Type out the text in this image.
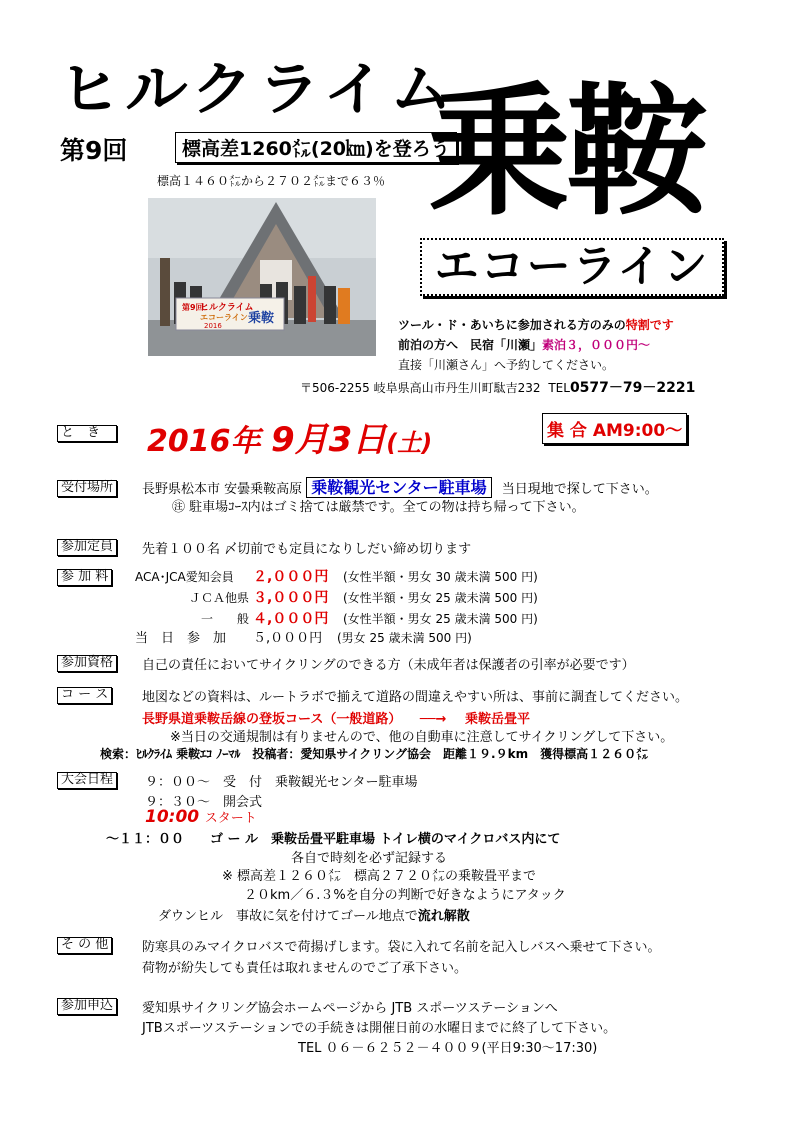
ヒルクライム
第9回	標高差1260㍍(20㎞)を登ろう
標高１４６０㍍から２７０２㍍まで６３％ 乗鞍
エコーライン
第9回
ヒルクライム
エコーライン
2016 乗鞍	ツール・ド・あいちに参加される方のみの特割です
前泊の方へ　民宿「川瀬」素泊３，０００円～
直接「川瀬さん」へ予約してください。
〒506-2255 岐阜県高山市丹生川町駄吉232 TEL0577－79－2221
と　き	2016年 9月3日(土)	集 合 AM9:00～
受付場所	長野県松本市 安曇乗鞍高原 乗鞍観光センター駐車場 当日現地で探して下さい。
㊟ 駐車場ｺｰｽ内はゴミ捨ては厳禁です。全ての物は持ち帰って下さい。
参加定員	先着１００名 〆切前でも定員になりしだい締め切ります
参 加 料	ACA･JCA愛知会員 ２,０００円 (女性半額・男女 30 歳未満 500 円)
ＪＣＡ他県 ３,０００円 (女性半額・男女 25 歳未満 500 円)
一　　般 ４,０００円 (女性半額・男女 25 歳未満 500 円)
当　日　参　加 ５,０００円 (男女 25 歳未満 500 円)
参加資格	自己の責任においてサイクリングのできる方（未成年者は保護者の引率が必要です）
コ ー ス	地図などの資料は、ルートラボで揃えて道路の間違えやすい所は、事前に調査してください。
長野県道乗鞍岳線の登坂コース（一般道路） ──→ 乗鞍岳畳平
※当日の交通規制は有りませんので、他の自動車に注意してサイクリングして下さい。
検索：ﾋﾙｸﾗｲﾑ 乗鞍ｴｺ ﾉｰﾏﾙ　投稿者：愛知県サイクリング協会　距離１９.９km　獲得標高１２６０㍍
大会日程	９：００～　受　付　乗鞍観光センター駐車場
９：３０～　開会式
10:00 スタート
～１１：００　　ゴ ー ル　乗鞍岳畳平駐車場 トイレ横のマイクロバス内にて
各自で時刻を必ず記録する
※ 標高差１２６０㍍　標高２７２０㍍の乗鞍畳平まで
２０km／６.３%を自分の判断で好きなようにアタック
ダウンヒル　事故に気を付けてゴール地点で流れ解散
そ の 他	防寒具のみマイクロバスで荷揚げします。袋に入れて名前を記入しバスへ乗せて下さい。
荷物が紛失しても責任は取れませんのでご了承下さい。
参加申込	愛知県サイクリング協会ホームページから JTB スポーツステーションへ
JTBスポーツステーションでの手続きは開催日前の水曜日までに終了して下さい。
TEL ０６－６２５２－４００９(平日9:30～17:30)
